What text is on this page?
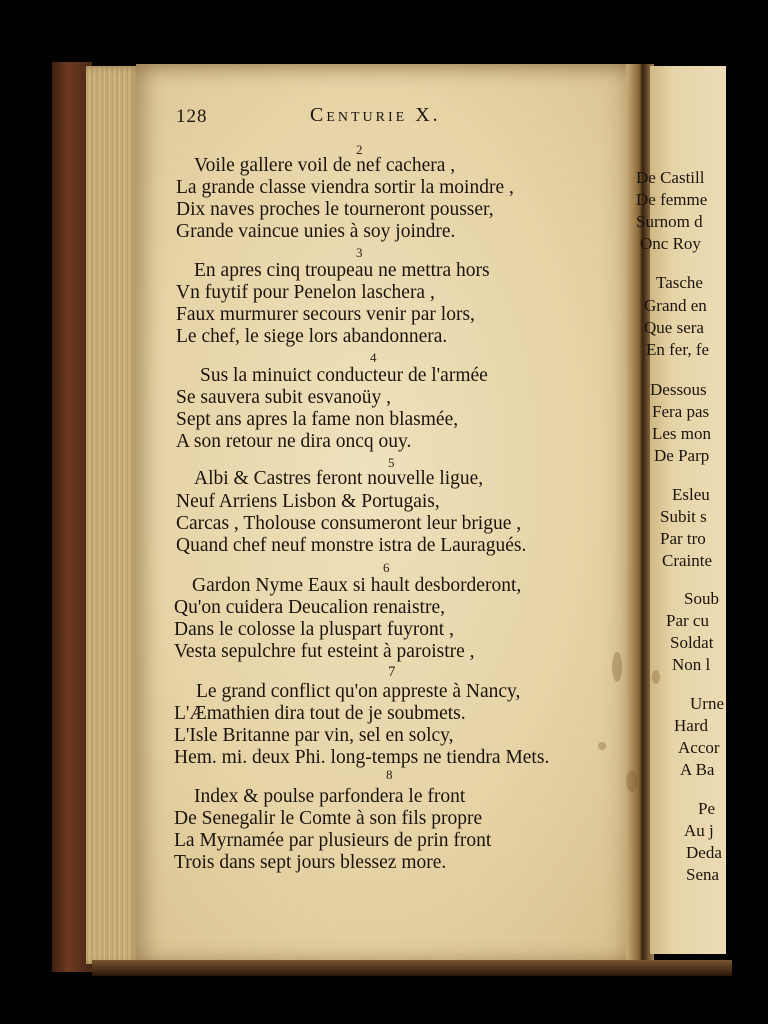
128	Centurie X.
2
Voile gallere voil de nef cachera ,
La grande classe viendra sortir la moindre ,
Dix naves proches le tourneront pousser,
Grande vaincue unies à soy joindre.
3
En apres cinq troupeau ne mettra hors
Vn fuytif pour Penelon laschera ,
Faux murmurer secours venir par lors,
Le chef, le siege lors abandonnera.
4
Sus la minuict conducteur de l'armée
Se sauvera subit esvanoüy ,
Sept ans apres la fame non blasmée,
A son retour ne dira oncq ouy.
5
Albi & Castres feront nouvelle ligue,
Neuf Arriens Lisbon & Portugais,
Carcas , Tholouse consumeront leur brigue ,
Quand chef neuf monstre istra de Lauragués.
6
Gardon Nyme Eaux si hault desborderont,
Qu'on cuidera Deucalion renaistre,
Dans le colosse la pluspart fuyront ,
Vesta sepulchre fut esteint à paroistre ,
7
Le grand conflict qu'on appreste à Nancy,
L'Æmathien dira tout de je soubmets.
L'Isle Britanne par vin, sel en solcy,
Hem. mi. deux Phi. long-temps ne tiendra Mets.
8
Index & poulse parfondera le front
De Senegalir le Comte à son fils propre
La Myrnamée par plusieurs de prin front
Trois dans sept jours blessez more.
De Castill
De femme
Surnom d
Onc Roy
Tasche
Grand en
Que sera
En fer, fe
Dessous
Fera pas
Les mon
De Parp
Esleu
Subit s
Par tro
Crainte
Soub
Par cu
Soldat
Non l
Urne
Hard
Accor
A Ba
Pe
Au j
Deda
Sena
